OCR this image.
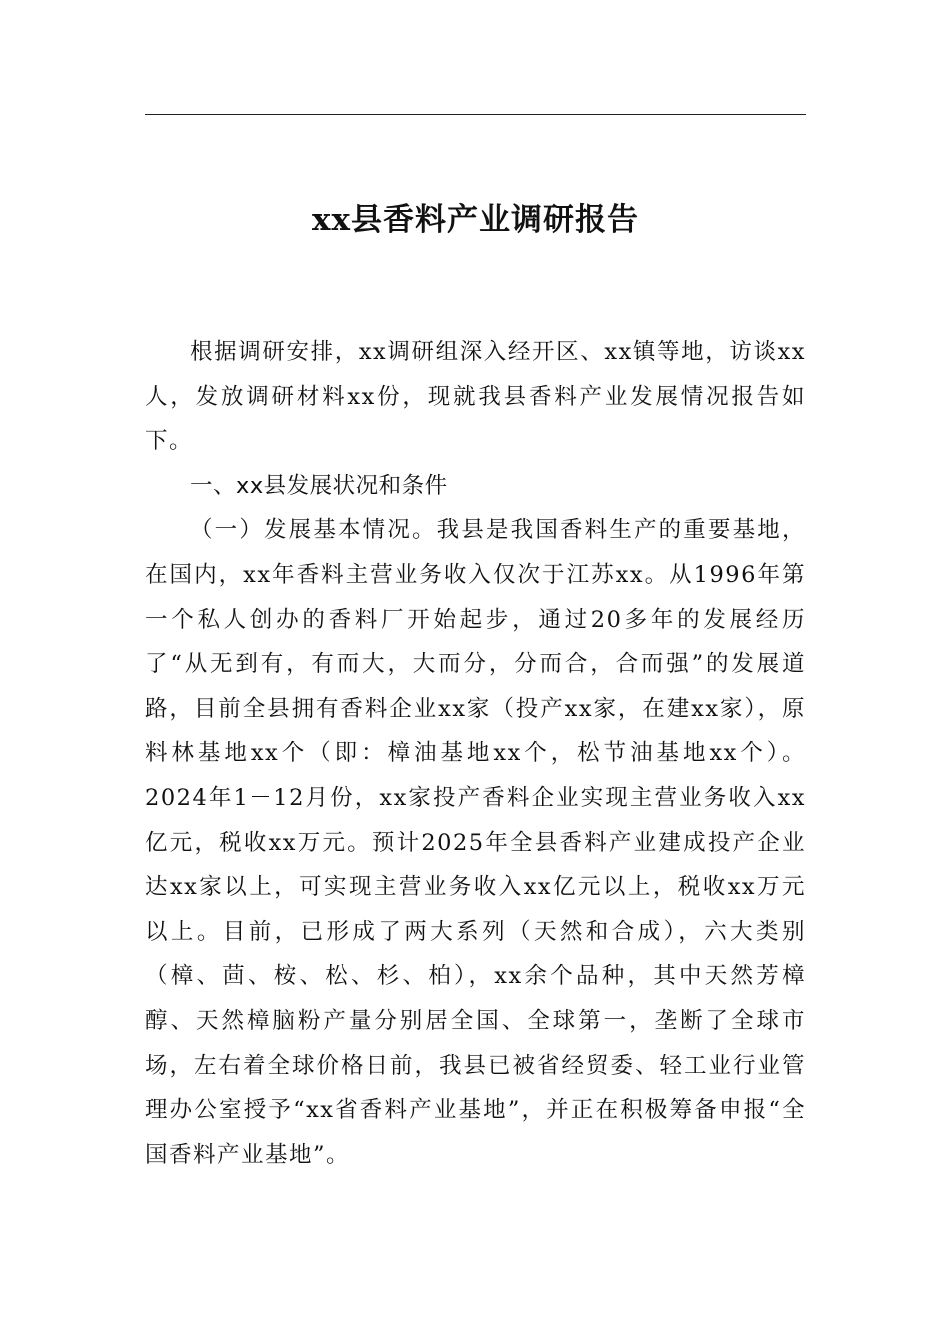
xx县香料产业调研报告

根据调研安排，xx调研组深入经开区、xx镇等地，访谈xx人，发放调研材料xx份，现就我县香料产业发展情况报告如下。

一、xx县发展状况和条件

（一）发展基本情况。我县是我国香料生产的重要基地，在国内，xx年香料主营业务收入仅次于江苏xx。从1996年第一个私人创办的香料厂开始起步，通过20多年的发展经历了“从无到有，有而大，大而分，分而合，合而强”的发展道路，目前全县拥有香料企业xx家（投产xx家，在建xx家），原料林基地xx个（即：樟油基地xx个，松节油基地xx个）。2024年1－12月份，xx家投产香料企业实现主营业务收入xx亿元，税收xx万元。预计2025年全县香料产业建成投产企业达xx家以上，可实现主营业务收入xx亿元以上，税收xx万元以上。目前，已形成了两大系列（天然和合成），六大类别（樟、茴、桉、松、杉、柏），xx余个品种，其中天然芳樟醇、天然樟脑粉产量分别居全国、全球第一，垄断了全球市场，左右着全球价格日前，我县已被省经贸委、轻工业行业管理办公室授予“xx省香料产业基地”，并正在积极筹备申报“全国香料产业基地”。
